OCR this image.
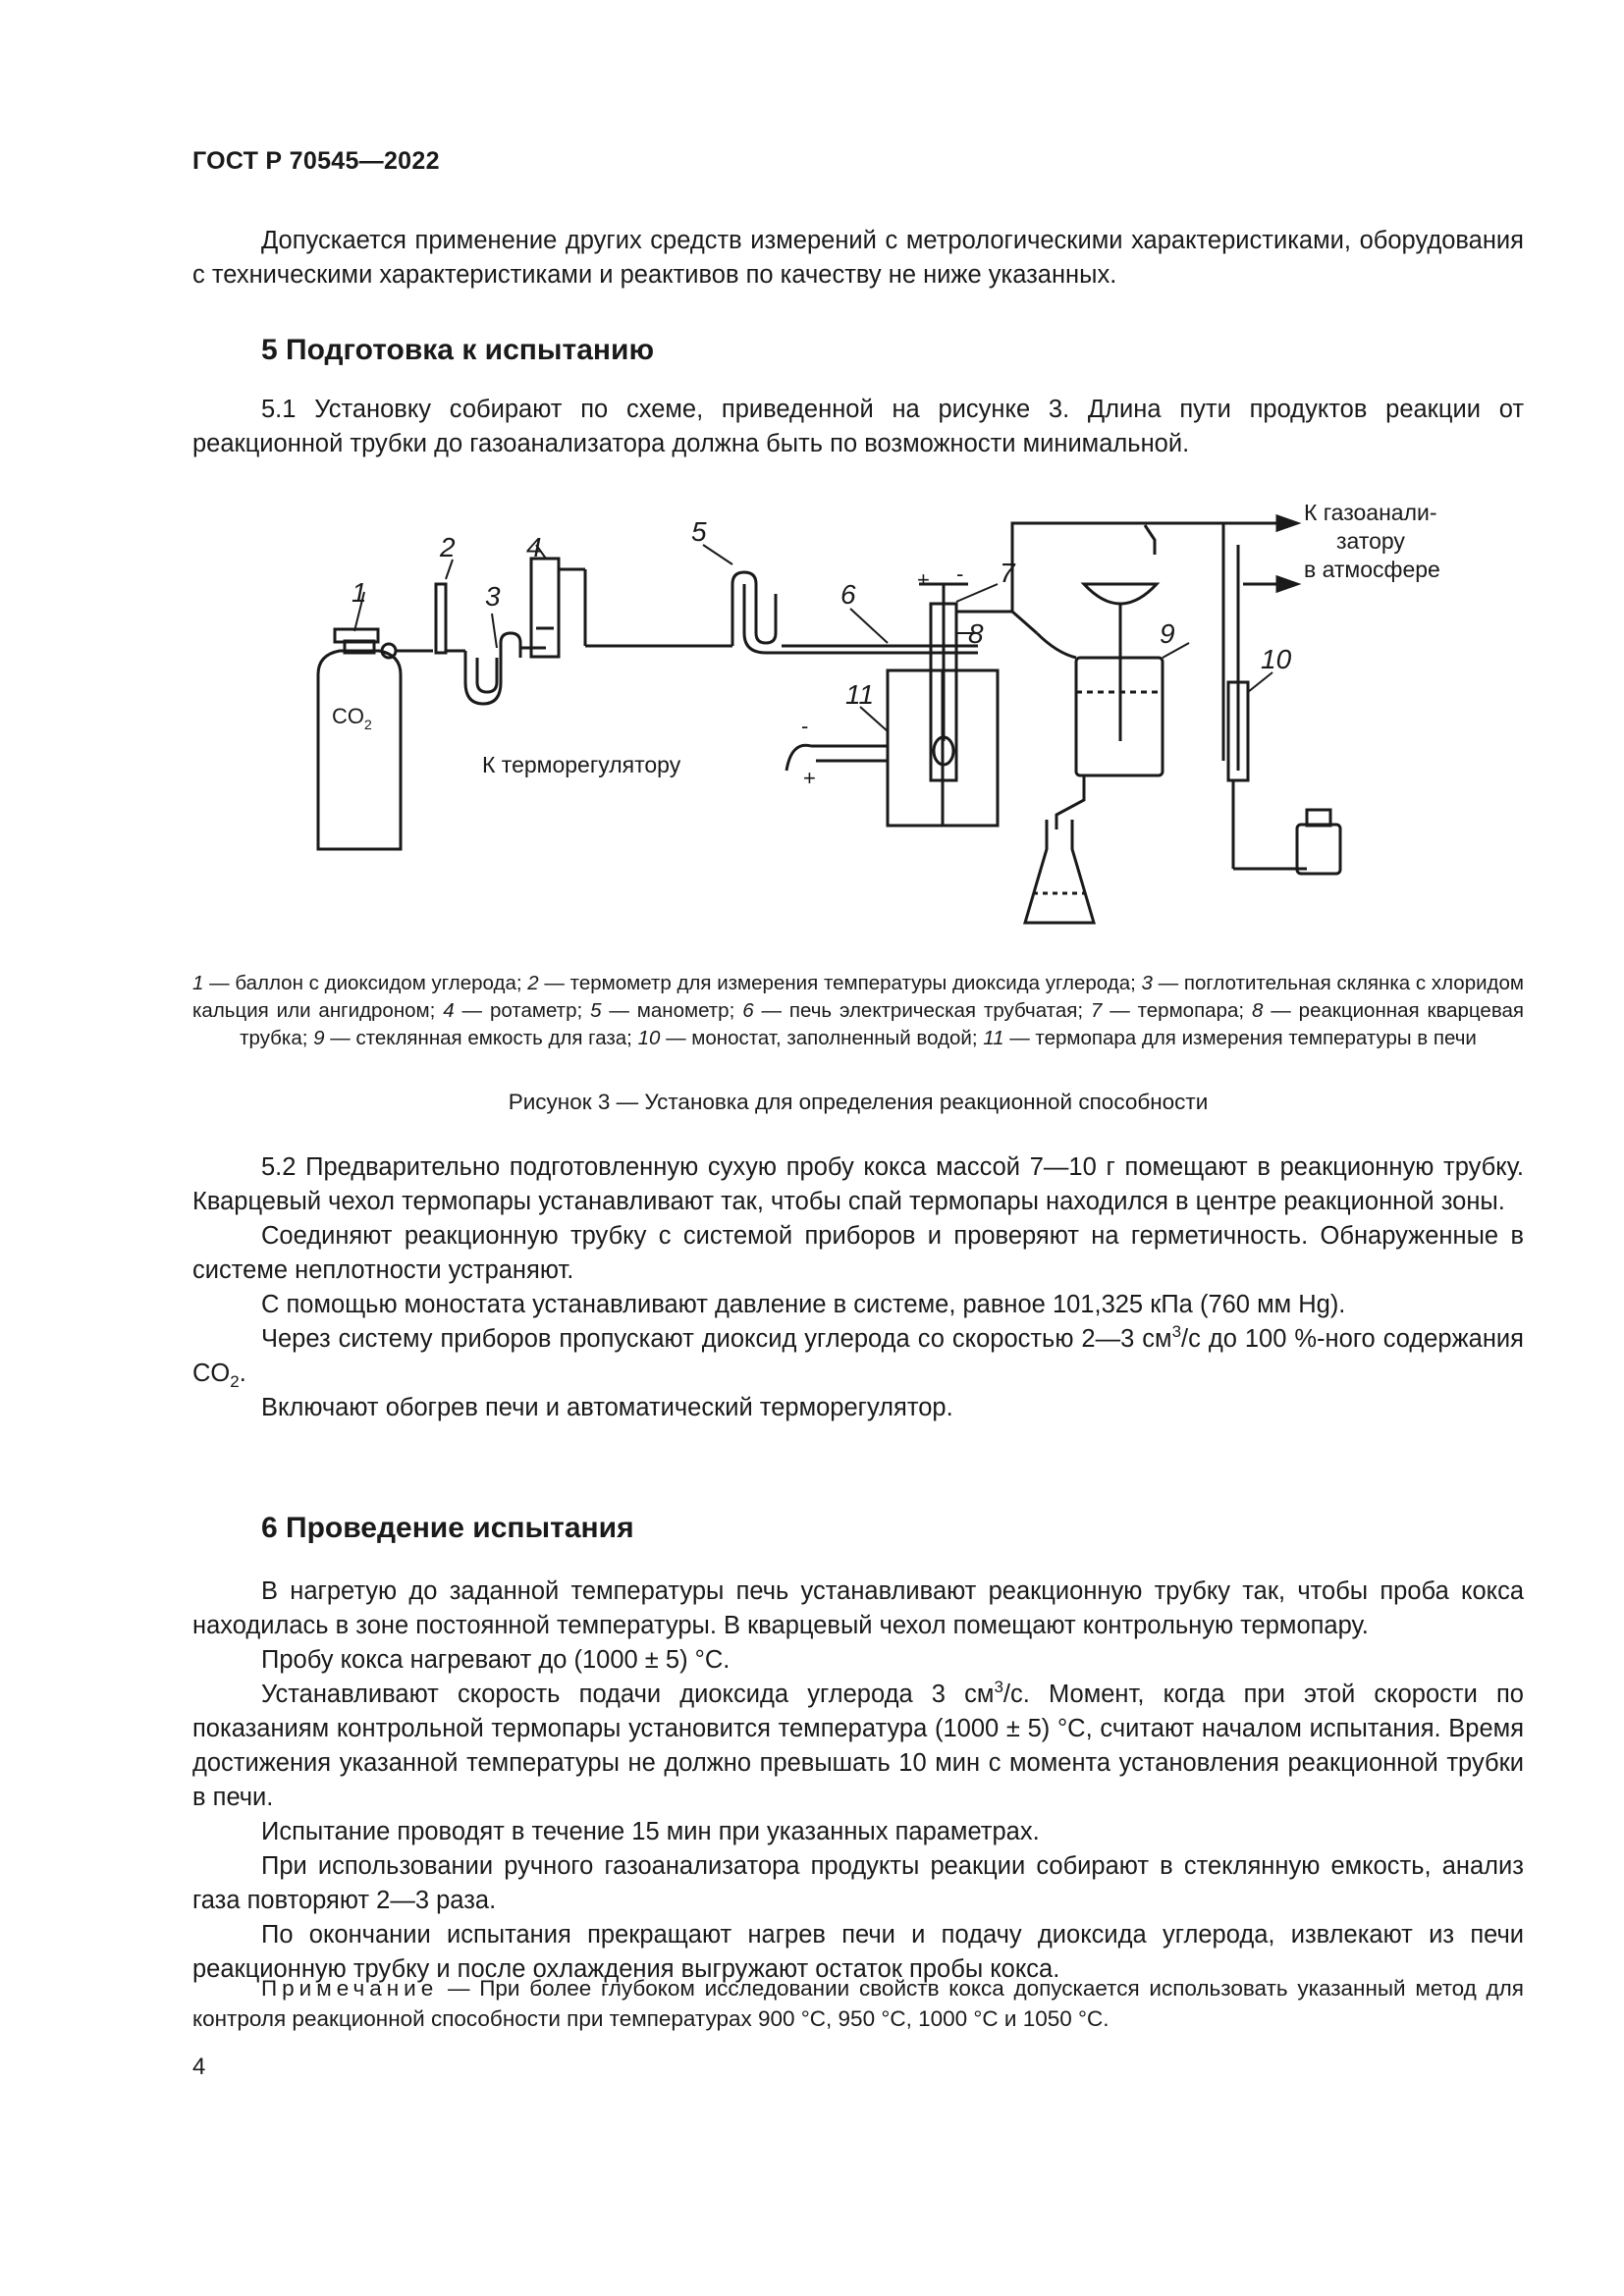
ГОСТ Р 70545—2022

Допускается применение других средств измерений с метрологическими характеристиками, оборудования с техническими характеристиками и реактивов по качеству не ниже указанных.

5 Подготовка к испытанию

5.1 Установку собирают по схеме, приведенной на рисунке 3. Длина пути продуктов реакции от реакционной трубки до газоанализатора должна быть по возможности минимальной.

1
2
3
4
5
6
7
8	9
10
11
$CO_2$
К газоанали-
затору
в атмосфере
К терморегулятору
+ -
-
+
1 — баллон с диоксидом углерода; 2 — термометр для измерения температуры диоксида углерода; 3 — поглотительная склянка с хлоридом кальция или ангидроном; 4 — ротаметр; 5 — манометр; 6 — печь электрическая трубчатая; 7 — термопара; 8 — реакционная кварцевая трубка; 9 — стеклянная емкость для газа; 10 — моностат, заполненный водой; 11 — термопара для измерения температуры в печи
Рисунок 3 — Установка для определения реакционной способности

5.2 Предварительно подготовленную сухую пробу кокса массой 7—10 г помещают в реакционную трубку. Кварцевый чехол термопары устанавливают так, чтобы спай термопары находился в центре реакционной зоны.

Соединяют реакционную трубку с системой приборов и проверяют на герметичность. Обнаруженные в системе неплотности устраняют.

С помощью моностата устанавливают давление в системе, равное 101,325 кПа (760 мм Hg).

Через систему приборов пропускают диоксид углерода со скоростью 2—3 $см^3/с$ до 100 %-ного содержания $CO_2$.

Включают обогрев печи и автоматический терморегулятор.

6 Проведение испытания

В нагретую до заданной температуры печь устанавливают реакционную трубку так, чтобы проба кокса находилась в зоне постоянной температуры. В кварцевый чехол помещают контрольную термопару.

Пробу кокса нагревают до (1000 ± 5) °С.

Устанавливают скорость подачи диоксида углерода 3 $см^3/с$. Момент, когда при этой скорости по показаниям контрольной термопары установится температура (1000 ± 5) °С, считают началом испытания. Время достижения указанной температуры не должно превышать 10 мин с момента установления реакционной трубки в печи.

Испытание проводят в течение 15 мин при указанных параметрах.

При использовании ручного газоанализатора продукты реакции собирают в стеклянную емкость, анализ газа повторяют 2—3 раза.

По окончании испытания прекращают нагрев печи и подачу диоксида углерода, извлекают из печи реакционную трубку и после охлаждения выгружают остаток пробы кокса.

Примечание — При более глубоком исследовании свойств кокса допускается использовать указанный метод для контроля реакционной способности при температурах 900 °С, 950 °С, 1000 °С и 1050 °С.
4
